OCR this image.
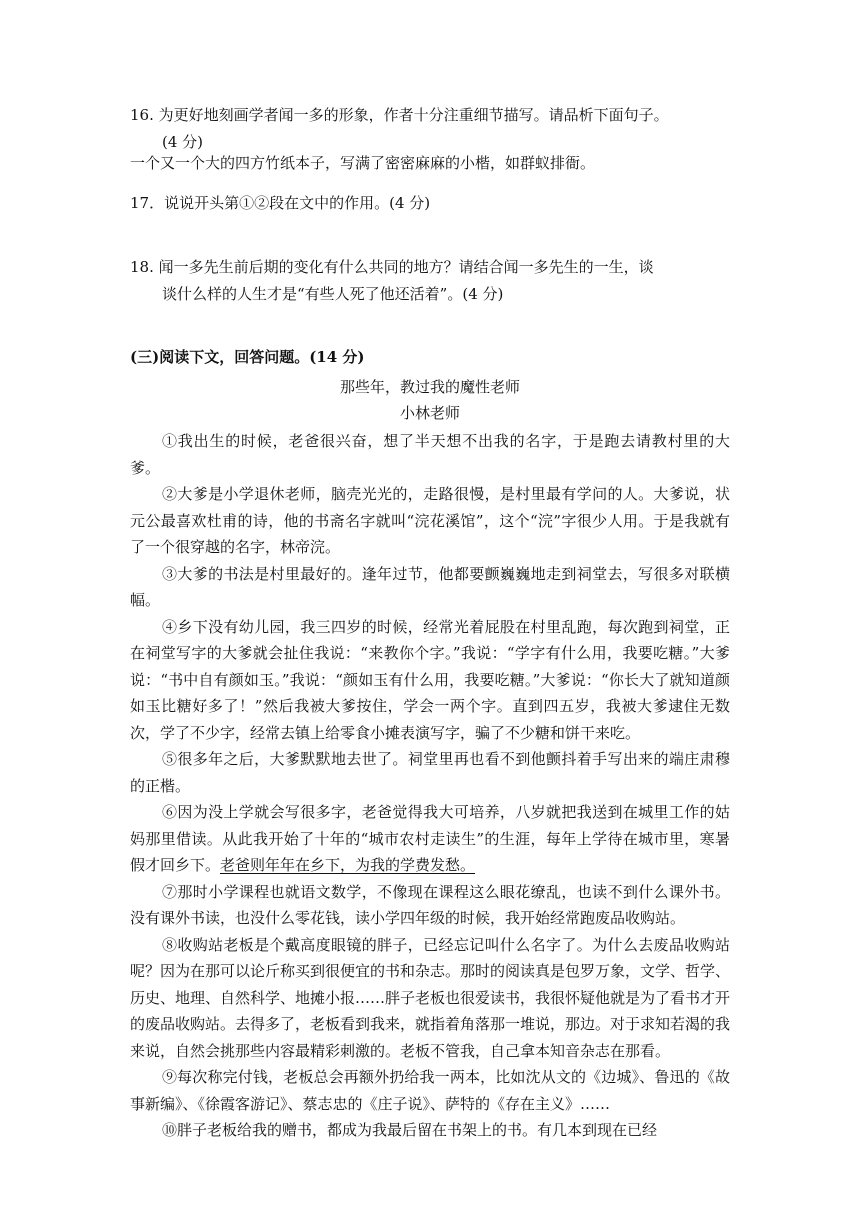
16. 为更好地刻画学者闻一多的形象，作者十分注重细节描写。请品析下面句子。
(4 分)
一个又一个大的四方竹纸本子，写满了密密麻麻的小楷，如群蚁排衙。
17．说说开头第①②段在文中的作用。(4 分)
18. 闻一多先生前后期的变化有什么共同的地方？请结合闻一多先生的一生，谈
谈什么样的人生才是“有些人死了他还活着”。(4 分)
(三)阅读下文，回答问题。(14 分)
那些年，教过我的魔性老师
小林老师

①我出生的时候，老爸很兴奋，想了半天想不出我的名字，于是跑去请教村里的大爹。

②大爹是小学退休老师，脑壳光光的，走路很慢，是村里最有学问的人。大爹说，状元公最喜欢杜甫的诗，他的书斋名字就叫“浣花溪馆”，这个“浣”字很少人用。于是我就有了一个很穿越的名字，林帝浣。

③大爹的书法是村里最好的。逢年过节，他都要颤巍巍地走到祠堂去，写很多对联横幅。

④乡下没有幼儿园，我三四岁的时候，经常光着屁股在村里乱跑，每次跑到祠堂，正在祠堂写字的大爹就会扯住我说：“来教你个字。”我说：“学字有什么用，我要吃糖。”大爹说：“书中自有颜如玉。”我说：“颜如玉有什么用，我要吃糖。”大爹说：“你长大了就知道颜如玉比糖好多了！”然后我被大爹按住，学会一两个字。直到四五岁，我被大爹逮住无数次，学了不少字，经常去镇上给零食小摊表演写字，骗了不少糖和饼干来吃。

⑤很多年之后，大爹默默地去世了。祠堂里再也看不到他颤抖着手写出来的端庄肃穆的正楷。

⑥因为没上学就会写很多字，老爸觉得我大可培养，八岁就把我送到在城里工作的姑妈那里借读。从此我开始了十年的“城市农村走读生”的生涯，每年上学待在城市里，寒暑假才回乡下。老爸则年年在乡下，为我的学费发愁。

⑦那时小学课程也就语文数学，不像现在课程这么眼花缭乱，也读不到什么课外书。没有课外书读，也没什么零花钱，读小学四年级的时候，我开始经常跑废品收购站。

⑧收购站老板是个戴高度眼镜的胖子，已经忘记叫什么名字了。为什么去废品收购站呢？因为在那可以论斤称买到很便宜的书和杂志。那时的阅读真是包罗万象，文学、哲学、历史、地理、自然科学、地摊小报……胖子老板也很爱读书，我很怀疑他就是为了看书才开的废品收购站。去得多了，老板看到我来，就指着角落那一堆说，那边。对于求知若渴的我来说，自然会挑那些内容最精彩刺激的。老板不管我，自己拿本知音杂志在那看。

⑨每次称完付钱，老板总会再额外扔给我一两本，比如沈从文的《边城》、鲁迅的《故事新编》、《徐霞客游记》、蔡志忠的《庄子说》、萨特的《存在主义》……

⑩胖子老板给我的赠书，都成为我最后留在书架上的书。有几本到现在已经
